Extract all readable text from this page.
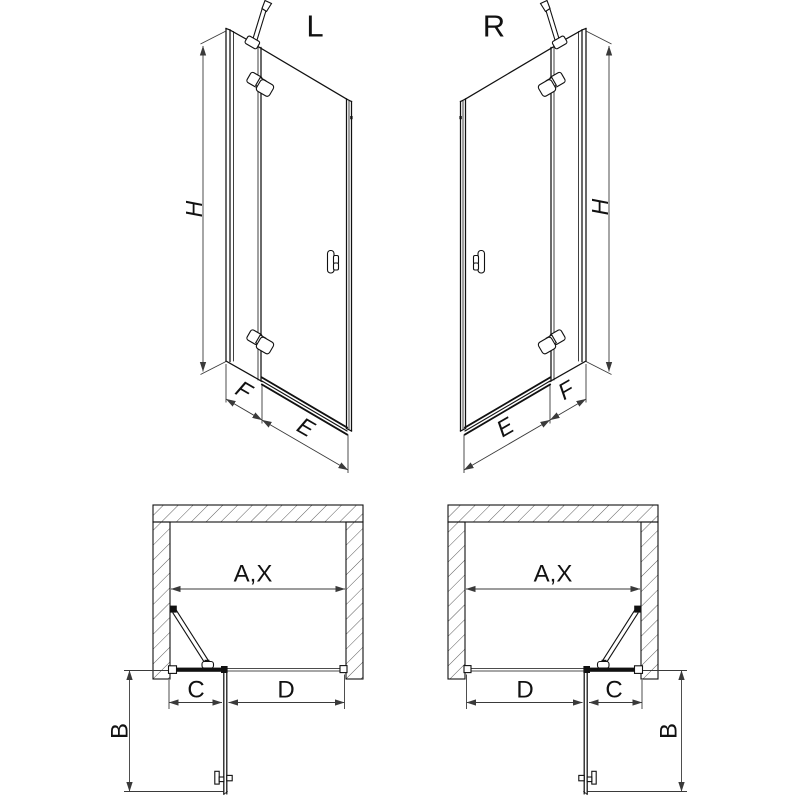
L	R
H	H
F	F
E	E
A,X	A,X
C	C
D	D
B	B
